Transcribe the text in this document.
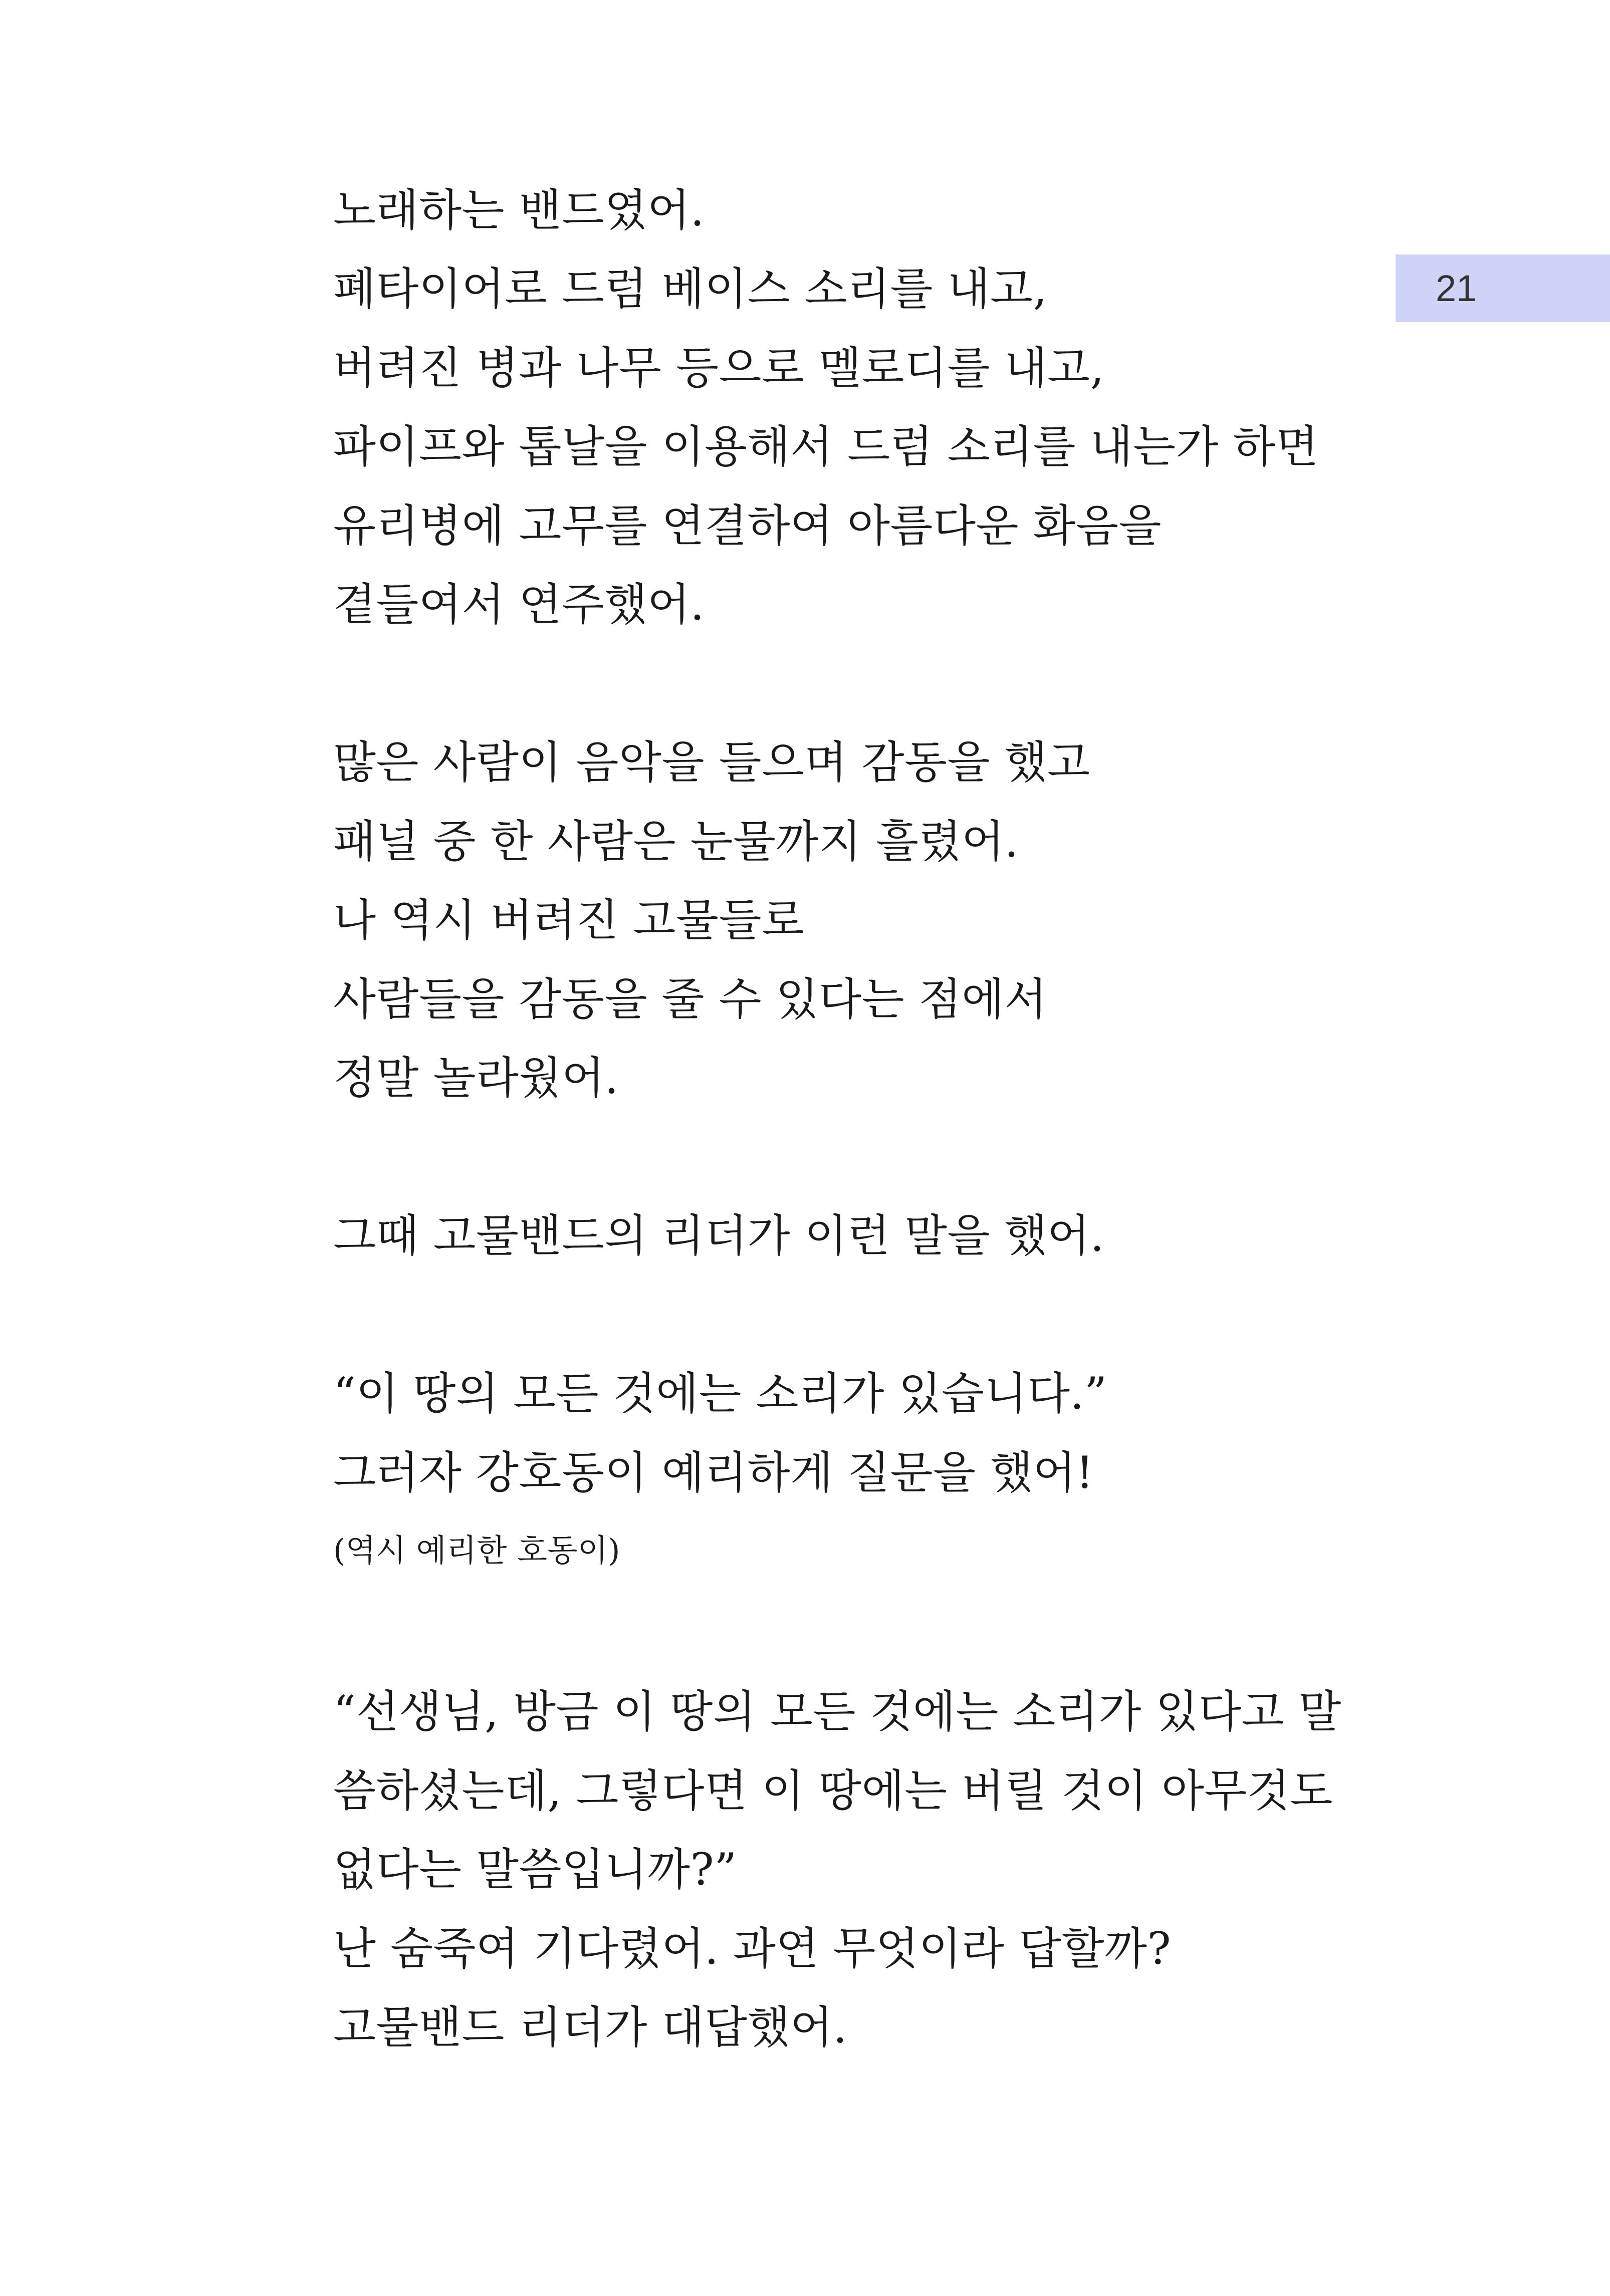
21
노래하는 밴드였어.
폐타이어로 드럼 베이스 소리를 내고,
버려진 병과 나무 등으로 멜로디를 내고,
파이프와 톱날을 이용해서 드럼 소리를 내는가 하면
유리병에 고무를 연결하여 아름다운 화음을
곁들여서 연주했어.
많은 사람이 음악을 들으며 감동을 했고
패널 중 한 사람은 눈물까지 흘렸어.
나 역시 버려진 고물들로
사람들을 감동을 줄 수 있다는 점에서
정말 놀라웠어.
그때 고물밴드의 리더가 이런 말을 했어.
“이 땅의 모든 것에는 소리가 있습니다.”
그러자 강호동이 예리하게 질문을 했어!
(역시 예리한 호동이)
“선생님, 방금 이 땅의 모든 것에는 소리가 있다고 말
씀하셨는데, 그렇다면 이 땅에는 버릴 것이 아무것도
없다는 말씀입니까?”
난 숨죽여 기다렸어. 과연 무엇이라 답할까?
고물밴드 리더가 대답했어.
